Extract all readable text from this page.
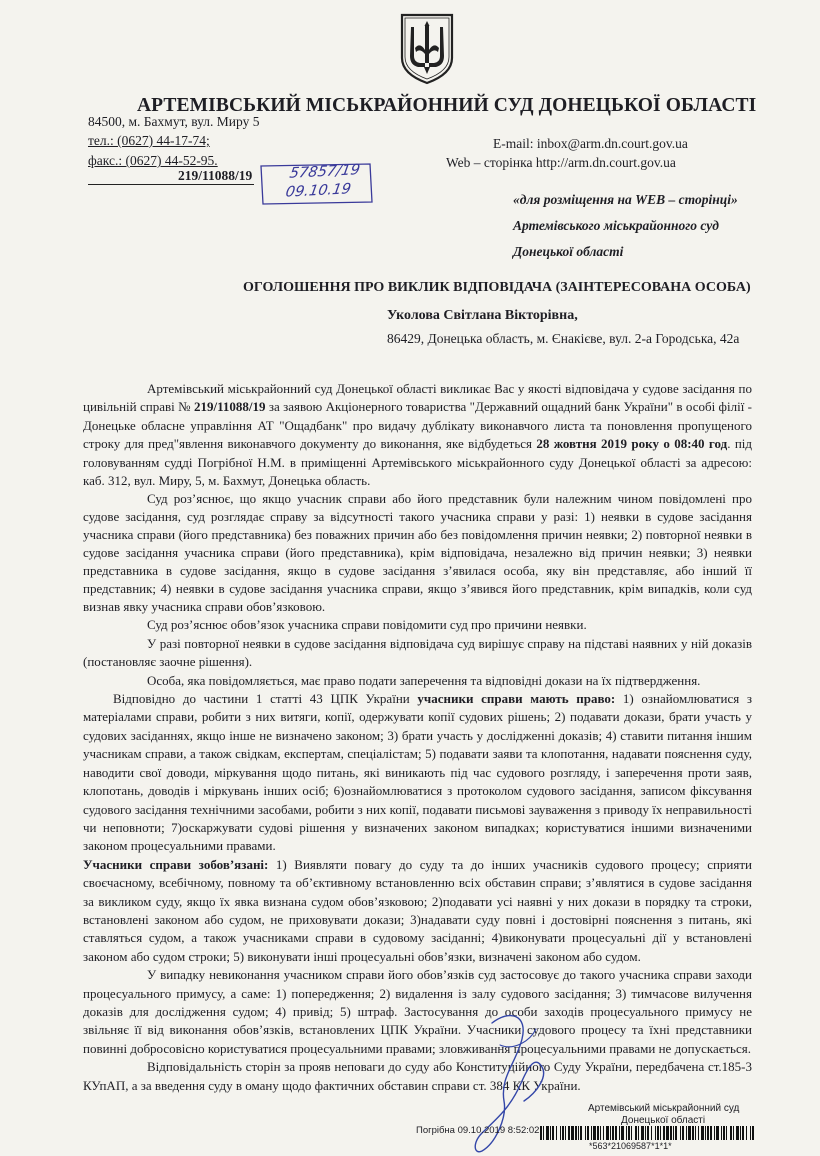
АРТЕМІВСЬКИЙ МІСЬКРАЙОННИЙ СУД ДОНЕЦЬКОЇ ОБЛАСТІ
84500, м. Бахмут, вул. Миру 5
тел.: (0627) 44-17-74;
факс.: (0627) 44-52-95.
E-mail: inbox@arm.dn.court.gov.ua
Web – сторінка http://arm.dn.court.gov.ua
219/11088/19 57857/19
09.10.19	«для розміщення на WEB – сторінці»
Артемівського міськрайонного суд
Донецької області
ОГОЛОШЕННЯ ПРО ВИКЛИК ВІДПОВІДАЧА (ЗАІНТЕРЕСОВАНА ОСОБА)
Уколова Світлана Вікторівна,
86429, Донецька область, м. Єнакієве, вул. 2-а Городська, 42а

Артемівський міськрайонний суд Донецької області викликає Вас у якості відповідача у судове засідання по цивільній справі № 219/11088/19 за заявою Акціонерного товариства "Державний ощадний банк України" в особі філії - Донецьке обласне управління АТ "Ощадбанк" про видачу дублікату виконавчого листа та поновлення пропущеного строку для пред"явлення виконавчого документу до виконання, яке відбудеться 28 жовтня 2019 року о 08:40 год. під головуванням судді Погрібної Н.М. в приміщенні Артемівського міськрайонного суду Донецької області за адресою: каб. 312, вул. Миру, 5, м. Бахмут, Донецька область.

Суд роз’яснює, що якщо учасник справи або його представник були належним чином повідомлені про судове засідання, суд розглядає справу за відсутності такого учасника справи у разі: 1) неявки в судове засідання учасника справи (його представника) без поважних причин або без повідомлення причин неявки; 2) повторної неявки в судове засідання учасника справи (його представника), крім відповідача, незалежно від причин неявки; 3) неявки представника в судове засідання, якщо в судове засідання з’явилася особа, яку він представляє, або інший її представник; 4) неявки в судове засідання учасника справи, якщо з’явився його представник, крім випадків, коли суд визнав явку учасника справи обов’язковою.

Суд роз’яснює обов’язок учасника справи повідомити суд про причини неявки.

У разі повторної неявки в судове засідання відповідача суд вирішує справу на підставі наявних у ній доказів (постановляє заочне рішення).

Особа, яка повідомляється, має право подати заперечення та відповідні докази на їх підтвердження.

Відповідно до частини 1 статті 43 ЦПК України учасники справи мають право: 1) ознайомлюватися з матеріалами справи, робити з них витяги, копії, одержувати копії судових рішень; 2) подавати докази, брати участь у судових засіданнях, якщо інше не визначено законом; 3) брати участь у дослідженні доказів; 4) ставити питання іншим учасникам справи, а також свідкам, експертам, спеціалістам; 5) подавати заяви та клопотання, надавати пояснення суду, наводити свої доводи, міркування щодо питань, які виникають під час судового розгляду, і заперечення проти заяв, клопотань, доводів і міркувань інших осіб; 6)ознайомлюватися з протоколом судового засідання, записом фіксування судового засідання технічними засобами, робити з них копії, подавати письмові зауваження з приводу їх неправильності чи неповноти; 7)оскаржувати судові рішення у визначених законом випадках; користуватися іншими визначеними законом процесуальними правами.

Учасники справи зобов’язані: 1) Виявляти повагу до суду та до інших учасників судового процесу; сприяти своєчасному, всебічному, повному та об’єктивному встановленню всіх обставин справи; з’являтися в судове засідання за викликом суду, якщо їх явка визнана судом обов’язковою; 2)подавати усі наявні у них докази в порядку та строки, встановлені законом або судом, не приховувати докази; 3)надавати суду повні і достовірні пояснення з питань, які ставляться судом, а також учасниками справи в судовому засіданні; 4)виконувати процесуальні дії у встановлені законом або судом строки; 5) виконувати інші процесуальні обов’язки, визначені законом або судом.

У випадку невиконання учасником справи його обов’язків суд застосовує до такого учасника справи заходи процесуального примусу, а саме: 1) попередження; 2) видалення із залу судового засідання; 3) тимчасове вилучення доказів для дослідження судом; 4) привід; 5) штраф. Застосування до особи заходів процесуального примусу не звільняє її від виконання обов’язків, встановлених ЦПК України. Учасники судового процесу та їхні представники повинні добросовісно користуватися процесуальними правами; зловживання процесуальними правами не допускається.

Відповідальність сторін за прояв неповаги до суду або Конституційного Суду України, передбачена ст.185-3 КУпАП, а за введення суду в оману щодо фактичних обставин справи ст. 384 КК України.

Артемівський міськрайонний суд
Донецької області
Погрібна 09.10.2019 8:52:02
*563*21069587*1*1*
